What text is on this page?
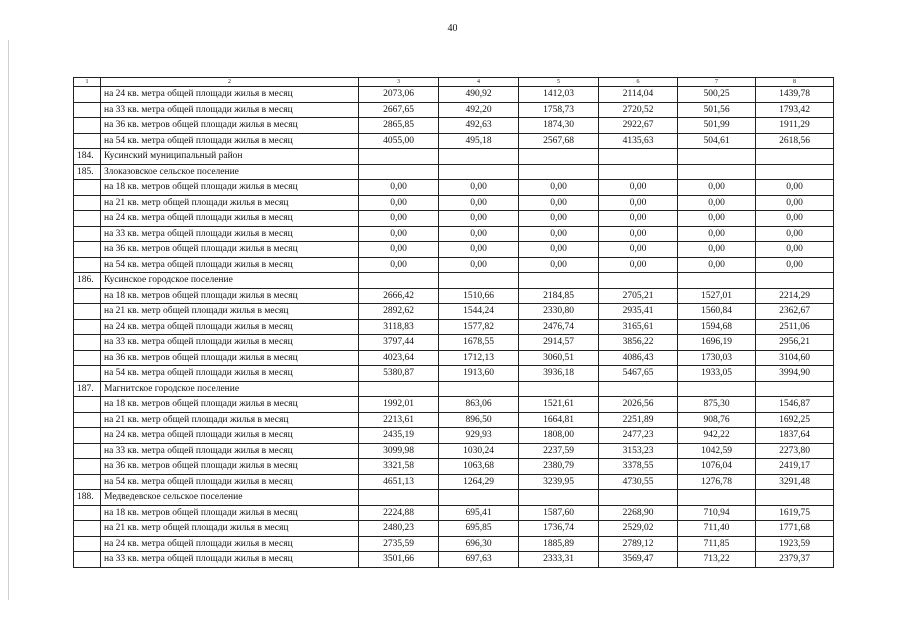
40
1	2	3	4	5	6	7	8
	на 24 кв. метра общей площади жилья в месяц	2073,06	490,92	1412,03	2114,04	500,25	1439,78
	на 33 кв. метра общей площади жилья в месяц	2667,65	492,20	1758,73	2720,52	501,56	1793,42
	на 36 кв. метров общей площади жилья в месяц	2865,85	492,63	1874,30	2922,67	501,99	1911,29
	на 54 кв. метра общей площади жилья в месяц	4055,00	495,18	2567,68	4135,63	504,61	2618,56
184.	Кусинский муниципальный район						
185.	Злоказовское сельское поселение						
	на 18 кв. метров общей площади жилья в месяц	0,00	0,00	0,00	0,00	0,00	0,00
	на 21 кв. метр общей площади жилья в месяц	0,00	0,00	0,00	0,00	0,00	0,00
	на 24 кв. метра общей площади жилья в месяц	0,00	0,00	0,00	0,00	0,00	0,00
	на 33 кв. метра общей площади жилья в месяц	0,00	0,00	0,00	0,00	0,00	0,00
	на 36 кв. метров общей площади жилья в месяц	0,00	0,00	0,00	0,00	0,00	0,00
	на 54 кв. метра общей площади жилья в месяц	0,00	0,00	0,00	0,00	0,00	0,00
186.	Кусинское городское поселение						
	на 18 кв. метров общей площади жилья в месяц	2666,42	1510,66	2184,85	2705,21	1527,01	2214,29
	на 21 кв. метр общей площади жилья в месяц	2892,62	1544,24	2330,80	2935,41	1560,84	2362,67
	на 24 кв. метра общей площади жилья в месяц	3118,83	1577,82	2476,74	3165,61	1594,68	2511,06
	на 33 кв. метра общей площади жилья в месяц	3797,44	1678,55	2914,57	3856,22	1696,19	2956,21
	на 36 кв. метров общей площади жилья в месяц	4023,64	1712,13	3060,51	4086,43	1730,03	3104,60
	на 54 кв. метра общей площади жилья в месяц	5380,87	1913,60	3936,18	5467,65	1933,05	3994,90
187.	Магнитское городское поселение						
	на 18 кв. метров общей площади жилья в месяц	1992,01	863,06	1521,61	2026,56	875,30	1546,87
	на 21 кв. метр общей площади жилья в месяц	2213,61	896,50	1664,81	2251,89	908,76	1692,25
	на 24 кв. метра общей площади жилья в месяц	2435,19	929,93	1808,00	2477,23	942,22	1837,64
	на 33 кв. метра общей площади жилья в месяц	3099,98	1030,24	2237,59	3153,23	1042,59	2273,80
	на 36 кв. метров общей площади жилья в месяц	3321,58	1063,68	2380,79	3378,55	1076,04	2419,17
	на 54 кв. метра общей площади жилья в месяц	4651,13	1264,29	3239,95	4730,55	1276,78	3291,48
188.	Медведевское сельское поселение						
	на 18 кв. метров общей площади жилья в месяц	2224,88	695,41	1587,60	2268,90	710,94	1619,75
	на 21 кв. метр общей площади жилья в месяц	2480,23	695,85	1736,74	2529,02	711,40	1771,68
	на 24 кв. метра общей площади жилья в месяц	2735,59	696,30	1885,89	2789,12	711,85	1923,59
	на 33 кв. метра общей площади жилья в месяц	3501,66	697,63	2333,31	3569,47	713,22	2379,37
